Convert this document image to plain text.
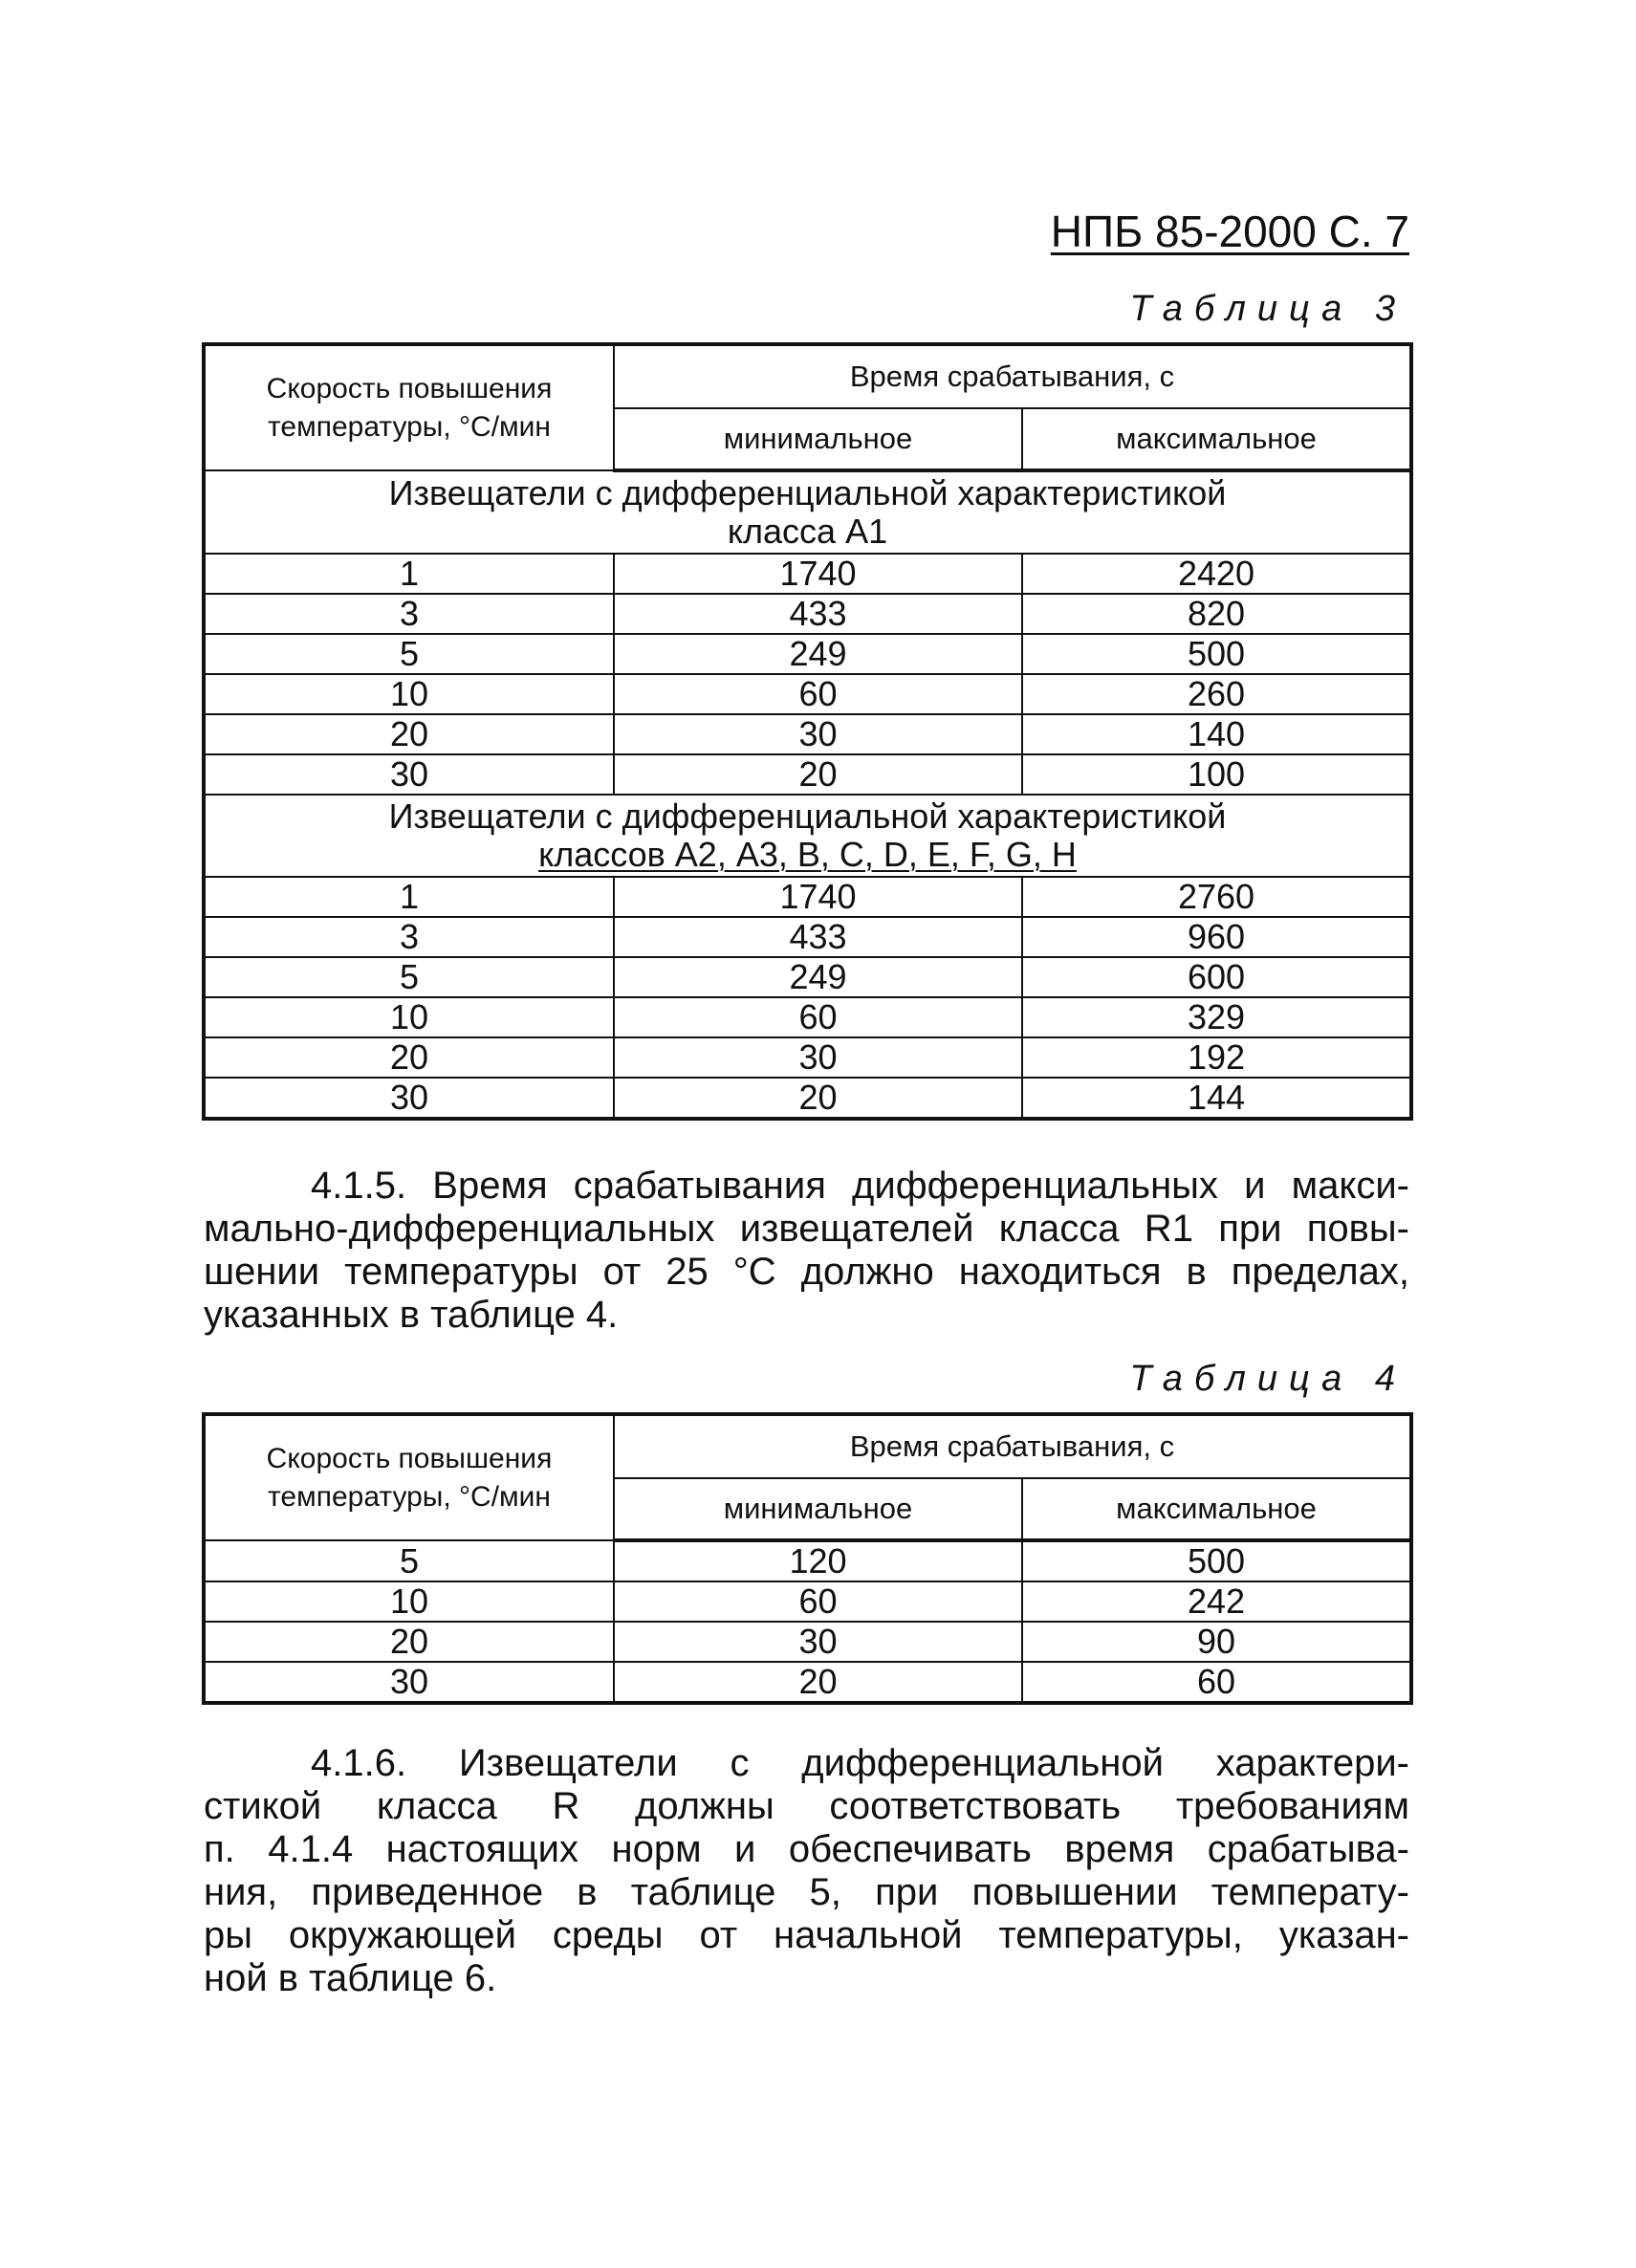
НПБ 85-2000 С. 7
Таблица 3
Скорость повышения температуры, °С/мин	Время срабатывания, с	
	минимальное	максимальное

Извещатели с дифференциальной характеристикой
класса А1		

1	1740	2420
3	433	820
5	249	500
10	60	260
20	30	140
30	20	100

Извещатели с дифференциальной характеристикой
классов А2, А3, В, С, D, E, F, G, H		

1	1740	2760
3	433	960
5	249	600
10	60	329
20	30	192
30	20	144
4.1.5. Время срабатывания дифференциальных и макси-
мально-дифференциальных извещателей класса R1 при повы-
шении температуры от 25 °С должно находиться в пределах,
указанных в таблице 4.
Таблица 4
Скорость повышения температуры, °С/мин	Время срабатывания, с	
	минимальное	максимальное
5	120	500
10	60	242
20	30	90
30	20	60
4.1.6. Извещатели с дифференциальной характери-
стикой класса R должны соответствовать требованиям
п. 4.1.4 настоящих норм и обеспечивать время срабатыва-
ния, приведенное в таблице 5, при повышении температу-
ры окружающей среды от начальной температуры, указан-
ной в таблице 6.
